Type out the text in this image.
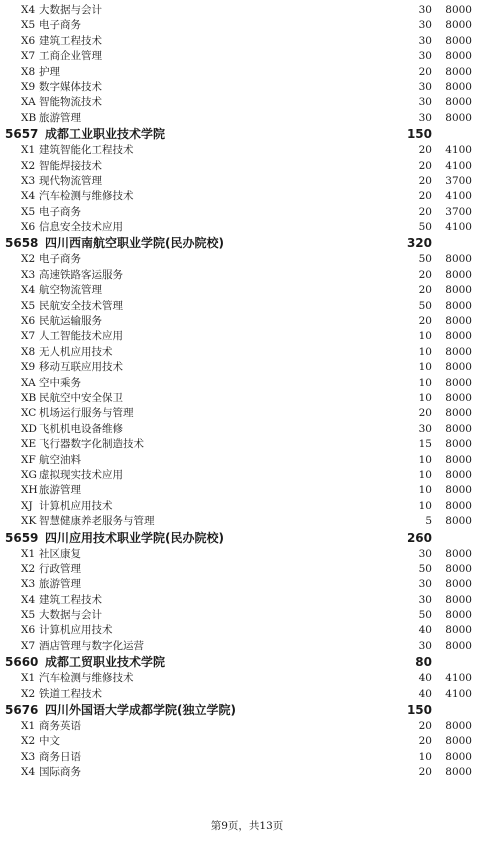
X4 大数据与会计	30 8000
X5 电子商务	30 8000
X6 建筑工程技术	30 8000
X7 工商企业管理	30 8000
X8 护理	20 8000
X9 数字媒体技术	30 8000
XA 智能物流技术	30 8000
XB 旅游管理	30 8000
5657 成都工业职业技术学院	150
X1 建筑智能化工程技术	20 4100
X2 智能焊接技术	20 4100
X3 现代物流管理	20 3700
X4 汽车检测与维修技术	20 4100
X5 电子商务	20 3700
X6 信息安全技术应用	50 4100
5658 四川西南航空职业学院(民办院校)	320
X2 电子商务	50 8000
X3 高速铁路客运服务	20 8000
X4 航空物流管理	20 8000
X5 民航安全技术管理	50 8000
X6 民航运输服务	20 8000
X7 人工智能技术应用	10 8000
X8 无人机应用技术	10 8000
X9 移动互联应用技术	10 8000
XA 空中乘务	10 8000
XB 民航空中安全保卫	10 8000
XC 机场运行服务与管理	20 8000
XD 飞机机电设备维修	30 8000
XE 飞行器数字化制造技术	15 8000
XF 航空油料	10 8000
XG 虚拟现实技术应用	10 8000
XH 旅游管理	10 8000
XJ 计算机应用技术	10 8000
XK 智慧健康养老服务与管理	5 8000
5659 四川应用技术职业学院(民办院校)	260
X1 社区康复	30 8000
X2 行政管理	50 8000
X3 旅游管理	30 8000
X4 建筑工程技术	30 8000
X5 大数据与会计	50 8000
X6 计算机应用技术	40 8000
X7 酒店管理与数字化运营	30 8000
5660 成都工贸职业技术学院	80
X1 汽车检测与维修技术	40 4100
X2 铁道工程技术	40 4100
5676 四川外国语大学成都学院(独立学院)	150
X1 商务英语	20 8000
X2 中文	20 8000
X3 商务日语	10 8000
X4 国际商务	20 8000
第9页，共13页
